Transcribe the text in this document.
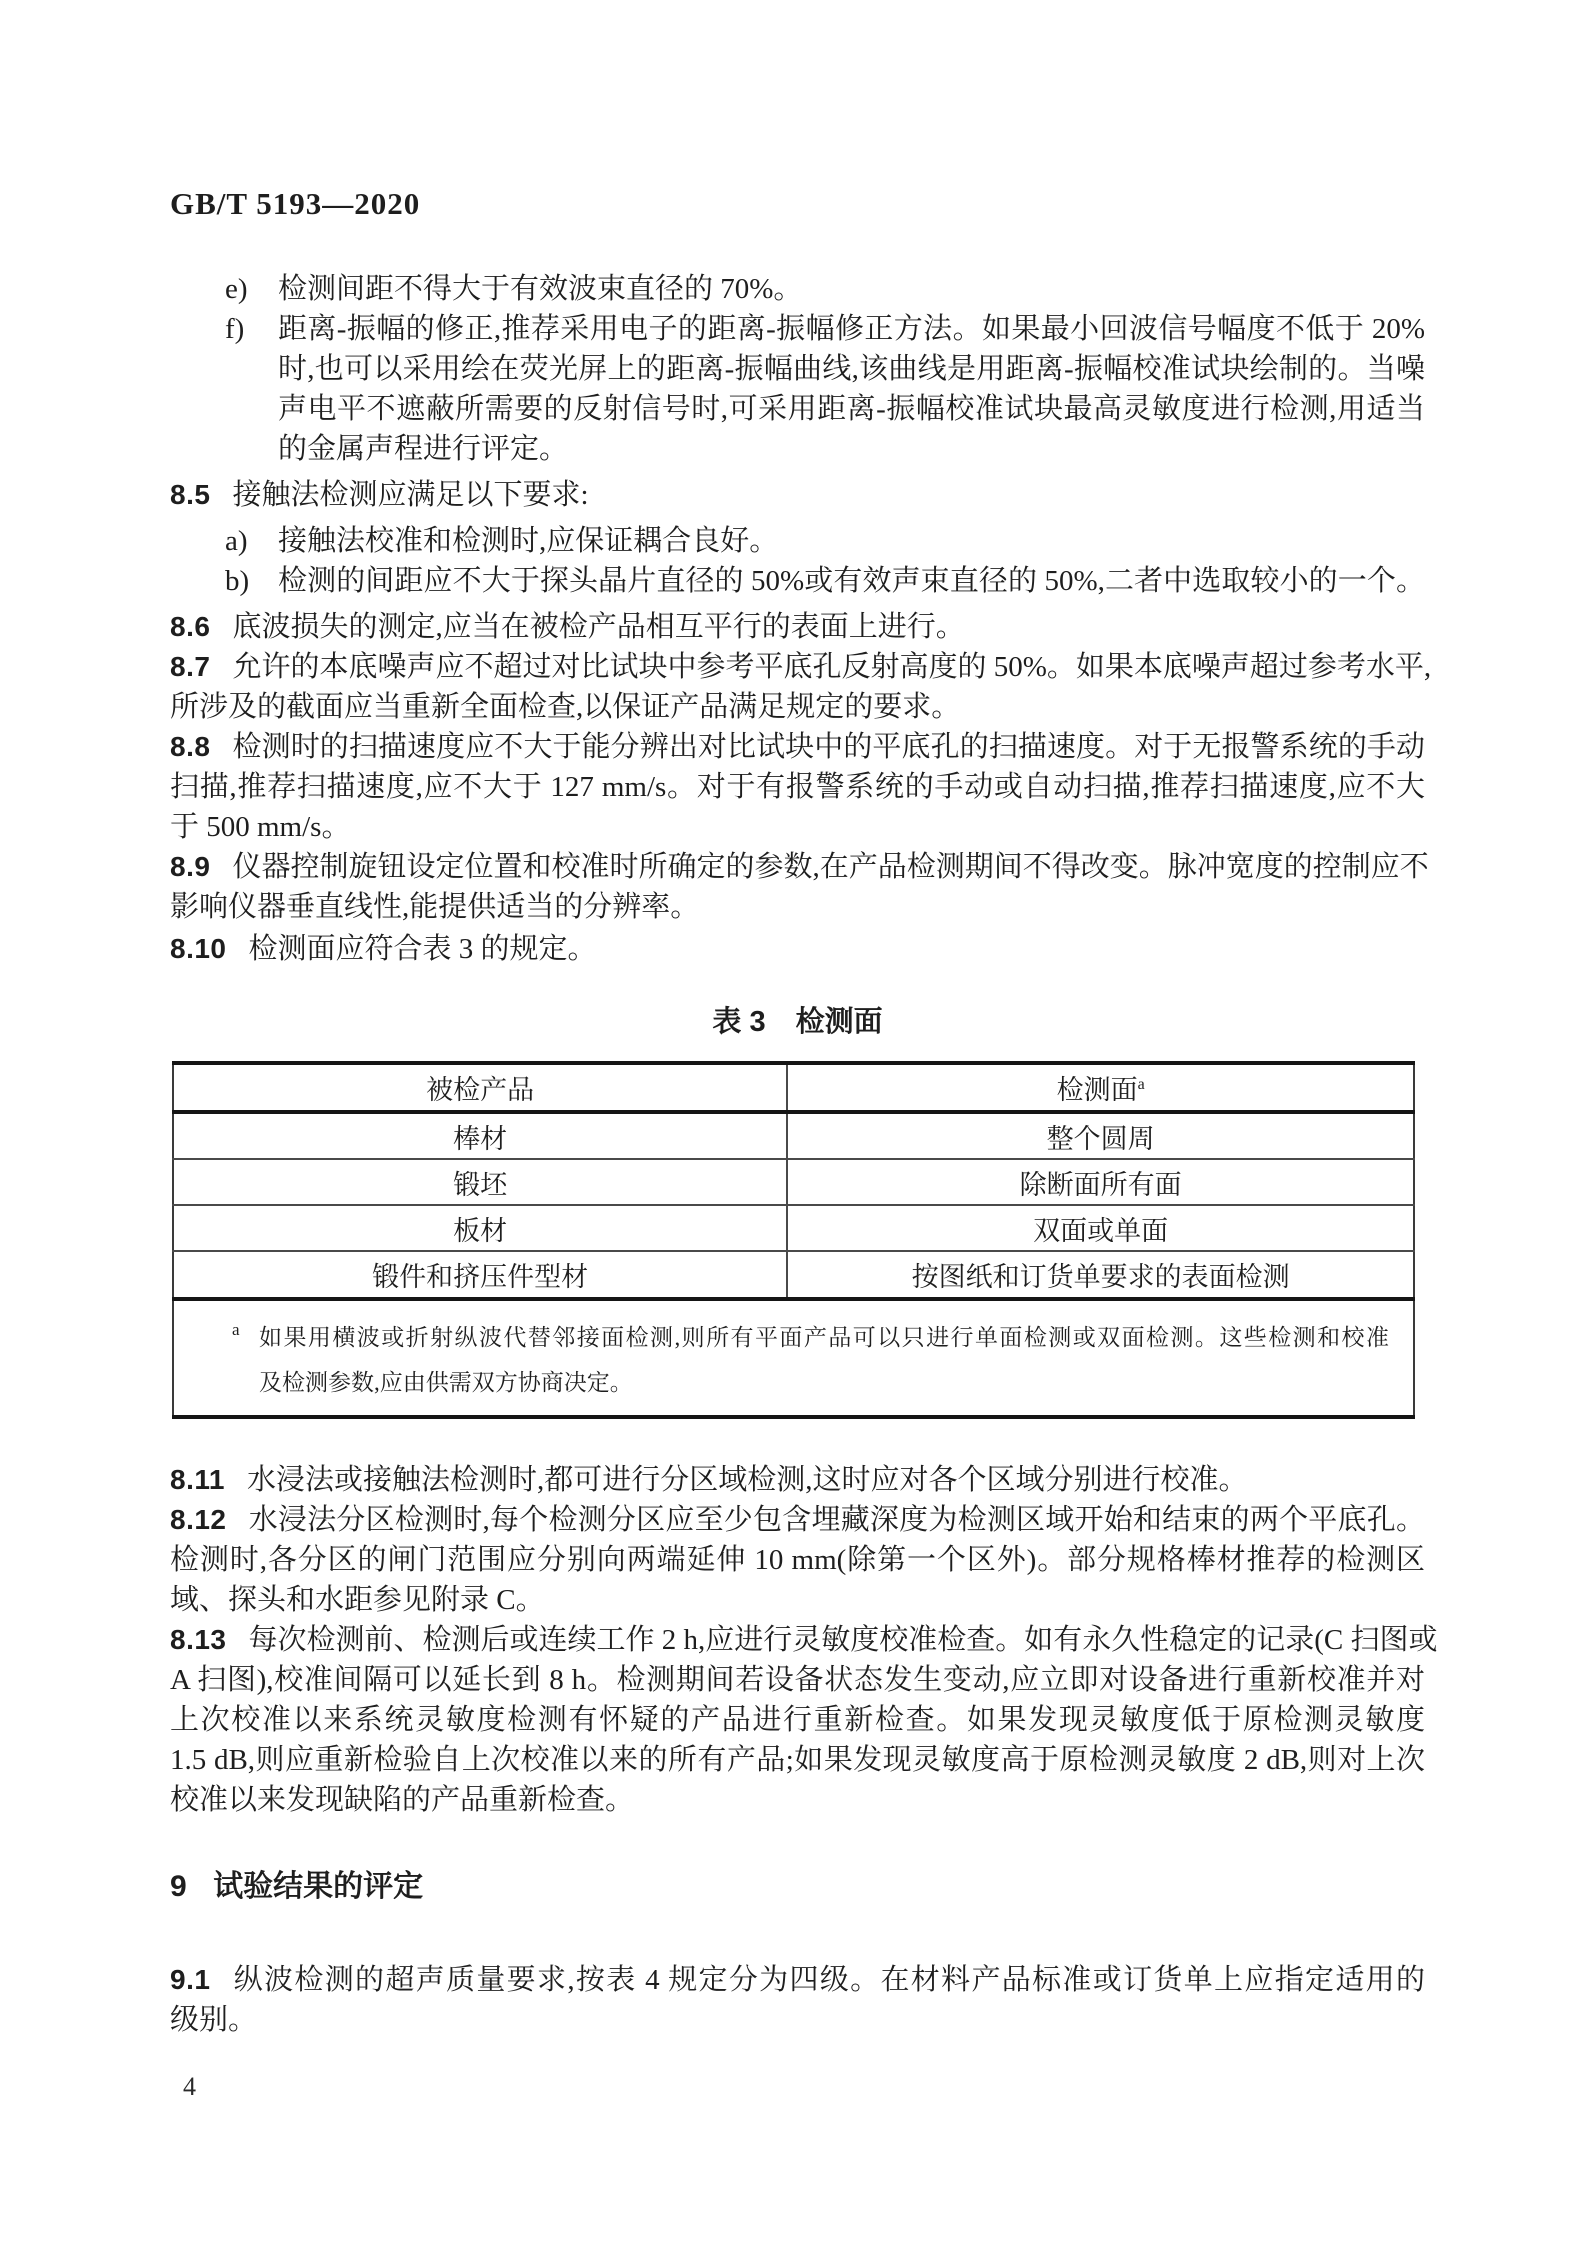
GB/T 5193—2020
e)	检测间距不得大于有效波束直径的 70%。
f)	距离-振幅的修正,推荐采用电子的距离-振幅修正方法。如果最小回波信号幅度不低于 20%
时,也可以采用绘在荧光屏上的距离-振幅曲线,该曲线是用距离-振幅校准试块绘制的。当噪
声电平不遮蔽所需要的反射信号时,可采用距离-振幅校准试块最高灵敏度进行检测,用适当
的金属声程进行评定。
8.5 接触法检测应满足以下要求:
a)	接触法校准和检测时,应保证耦合良好。
b) 检测的间距应不大于探头晶片直径的 50%或有效声束直径的 50%,二者中选取较小的一个。
8.6 底波损失的测定,应当在被检产品相互平行的表面上进行。
8.7 允许的本底噪声应不超过对比试块中参考平底孔反射高度的 50%。如果本底噪声超过参考水平,
所涉及的截面应当重新全面检查,以保证产品满足规定的要求。
8.8 检测时的扫描速度应不大于能分辨出对比试块中的平底孔的扫描速度。对于无报警系统的手动
扫描,推荐扫描速度,应不大于 127 mm/s。对于有报警系统的手动或自动扫描,推荐扫描速度,应不大
于 500 mm/s。
8.9 仪器控制旋钮设定位置和校准时所确定的参数,在产品检测期间不得改变。脉冲宽度的控制应不
影响仪器垂直线性,能提供适当的分辨率。
8.10 检测面应符合表 3 的规定。
表 3 检测面
被检产品	检测面$^a$
棒材	整个圆周
锻坯	除断面所有面
板材	双面或单面
锻件和挤压件型材	按图纸和订货单要求的表面检测

a 如果用横波或折射纵波代替邻接面检测,则所有平面产品可以只进行单面检测或双面检测。这些检测和校准
及检测参数,应由供需双方协商决定。	
8.11 水浸法或接触法检测时,都可进行分区域检测,这时应对各个区域分别进行校准。
8.12 水浸法分区检测时,每个检测分区应至少包含埋藏深度为检测区域开始和结束的两个平底孔。
检测时,各分区的闸门范围应分别向两端延伸 10 mm(除第一个区外)。部分规格棒材推荐的检测区
域、探头和水距参见附录 C。
8.13 每次检测前、检测后或连续工作 2 h,应进行灵敏度校准检查。如有永久性稳定的记录(C 扫图或
A 扫图),校准间隔可以延长到 8 h。检测期间若设备状态发生变动,应立即对设备进行重新校准并对
上次校准以来系统灵敏度检测有怀疑的产品进行重新检查。如果发现灵敏度低于原检测灵敏度
1.5 dB,则应重新检验自上次校准以来的所有产品;如果发现灵敏度高于原检测灵敏度 2 dB,则对上次
校准以来发现缺陷的产品重新检查。
9 试验结果的评定
9.1 纵波检测的超声质量要求,按表 4 规定分为四级。在材料产品标准或订货单上应指定适用的
级别。
4
